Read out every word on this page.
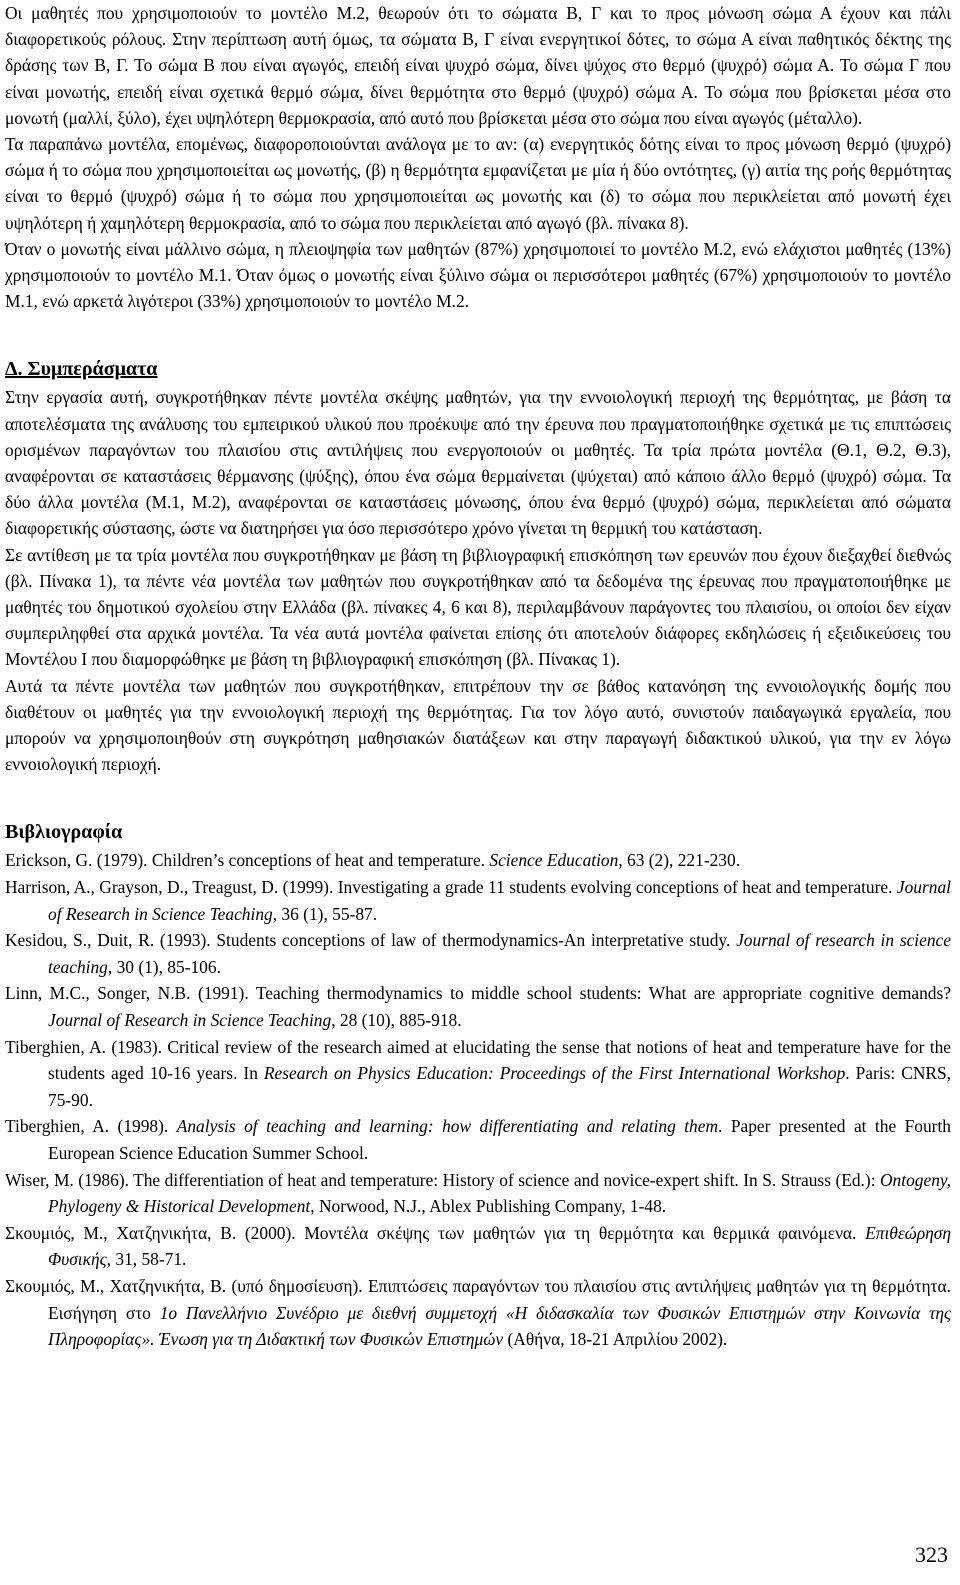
Οι μαθητές που χρησιμοποιούν το μοντέλο Μ.2, θεωρούν ότι το σώματα Β, Γ και το προς μόνωση σώμα Α έχουν και πάλι διαφορετικούς ρόλους. Στην περίπτωση αυτή όμως, τα σώματα Β, Γ είναι ενεργητικοί δότες, το σώμα Α είναι παθητικός δέκτης της δράσης των Β, Γ. Το σώμα Β που είναι αγωγός, επειδή είναι ψυχρό σώμα, δίνει ψύχος στο θερμό (ψυχρό) σώμα Α. Το σώμα Γ που είναι μονωτής, επειδή είναι σχετικά θερμό σώμα, δίνει θερμότητα στο θερμό (ψυχρό) σώμα Α. Το σώμα που βρίσκεται μέσα στο μονωτή (μαλλί, ξύλο), έχει υψηλότερη θερμοκρασία, από αυτό που βρίσκεται μέσα στο σώμα που είναι αγωγός (μέταλλο).

Τα παραπάνω μοντέλα, επομένως, διαφοροποιούνται ανάλογα με το αν: (α) ενεργητικός δότης είναι το προς μόνωση θερμό (ψυχρό) σώμα ή το σώμα που χρησιμοποιείται ως μονωτής, (β) η θερμότητα εμφανίζεται με μία ή δύο οντότητες, (γ) αιτία της ροής θερμότητας είναι το θερμό (ψυχρό) σώμα ή το σώμα που χρησιμοποιείται ως μονωτής και (δ) το σώμα που περικλείεται από μονωτή έχει υψηλότερη ή χαμηλότερη θερμοκρασία, από το σώμα που περικλείεται από αγωγό (βλ. πίνακα 8).

Όταν ο μονωτής είναι μάλλινο σώμα, η πλειοψηφία των μαθητών (87%) χρησιμοποιεί το μοντέλο Μ.2, ενώ ελάχιστοι μαθητές (13%) χρησιμοποιούν το μοντέλο Μ.1. Όταν όμως ο μονωτής είναι ξύλινο σώμα οι περισσότεροι μαθητές (67%) χρησιμοποιούν το μοντέλο Μ.1, ενώ αρκετά λιγότεροι (33%) χρησιμοποιούν το μοντέλο Μ.2.

Δ. Συμπεράσματα

Στην εργασία αυτή, συγκροτήθηκαν πέντε μοντέλα σκέψης μαθητών, για την εννοιολογική περιοχή της θερμότητας, με βάση τα αποτελέσματα της ανάλυσης του εμπειρικού υλικού που προέκυψε από την έρευνα που πραγματοποιήθηκε σχετικά με τις επιπτώσεις ορισμένων παραγόντων του πλαισίου στις αντιλήψεις που ενεργοποιούν οι μαθητές. Τα τρία πρώτα μοντέλα (Θ.1, Θ.2, Θ.3), αναφέρονται σε καταστάσεις θέρμανσης (ψύξης), όπου ένα σώμα θερμαίνεται (ψύχεται) από κάποιο άλλο θερμό (ψυχρό) σώμα. Τα δύο άλλα μοντέλα (Μ.1, Μ.2), αναφέρονται σε καταστάσεις μόνωσης, όπου ένα θερμό (ψυχρό) σώμα, περικλείεται από σώματα διαφορετικής σύστασης, ώστε να διατηρήσει για όσο περισσότερο χρόνο γίνεται τη θερμική του κατάσταση.

Σε αντίθεση με τα τρία μοντέλα που συγκροτήθηκαν με βάση τη βιβλιογραφική επισκόπηση των ερευνών που έχουν διεξαχθεί διεθνώς (βλ. Πίνακα 1), τα πέντε νέα μοντέλα των μαθητών που συγκροτήθηκαν από τα δεδομένα της έρευνας που πραγματοποιήθηκε με μαθητές του δημοτικού σχολείου στην Ελλάδα (βλ. πίνακες 4, 6 και 8), περιλαμβάνουν παράγοντες του πλαισίου, οι οποίοι δεν είχαν συμπεριληφθεί στα αρχικά μοντέλα. Τα νέα αυτά μοντέλα φαίνεται επίσης ότι αποτελούν διάφορες εκδηλώσεις ή εξειδικεύσεις του Μοντέλου Ι που διαμορφώθηκε με βάση τη βιβλιογραφική επισκόπηση (βλ. Πίνακας 1).

Αυτά τα πέντε μοντέλα των μαθητών που συγκροτήθηκαν, επιτρέπουν την σε βάθος κατανόηση της εννοιολογικής δομής που διαθέτουν οι μαθητές για την εννοιολογική περιοχή της θερμότητας. Για τον λόγο αυτό, συνιστούν παιδαγωγικά εργαλεία, που μπορούν να χρησιμοποιηθούν στη συγκρότηση μαθησιακών διατάξεων και στην παραγωγή διδακτικού υλικού, για την εν λόγω εννοιολογική περιοχή.

Βιβλιογραφία

Erickson, G. (1979). Children’s conceptions of heat and temperature. Science Education, 63 (2), 221-230.

Harrison, A., Grayson, D., Treagust, D. (1999). Investigating a grade 11 students evolving conceptions of heat and temperature. Journal of Research in Science Teaching, 36 (1), 55-87.

Kesidou, S., Duit, R. (1993). Students conceptions of law of thermodynamics-An interpretative study. Journal of research in science teaching, 30 (1), 85-106.

Linn, M.C., Songer, N.B. (1991). Teaching thermodynamics to middle school students: What are appropriate cognitive demands? Journal of Research in Science Teaching, 28 (10), 885-918.

Tiberghien, A. (1983). Critical review of the research aimed at elucidating the sense that notions of heat and temperature have for the students aged 10-16 years. In Research on Physics Education: Proceedings of the First International Workshop. Paris: CNRS, 75-90.

Tiberghien, A. (1998). Analysis of teaching and learning: how differentiating and relating them. Paper presented at the Fourth European Science Education Summer School.

Wiser, M. (1986). The differentiation of heat and temperature: History of science and novice-expert shift. In S. Strauss (Ed.): Ontogeny, Phylogeny & Historical Development, Norwood, N.J., Ablex Publishing Company, 1-48.

Σκουμιός, Μ., Χατζηνικήτα, Β. (2000). Μοντέλα σκέψης των μαθητών για τη θερμότητα και θερμικά φαινόμενα. Επιθεώρηση Φυσικής, 31, 58-71.

Σκουμιός, Μ., Χατζηνικήτα, Β. (υπό δημοσίευση). Επιπτώσεις παραγόντων του πλαισίου στις αντιλήψεις μαθητών για τη θερμότητα. Εισήγηση στο 1ο Πανελλήνιο Συνέδριο με διεθνή συμμετοχή «Η διδασκαλία των Φυσικών Επιστημών στην Κοινωνία της Πληροφορίας». Ένωση για τη Διδακτική των Φυσικών Επιστημών (Αθήνα, 18-21 Απριλίου 2002).

323
